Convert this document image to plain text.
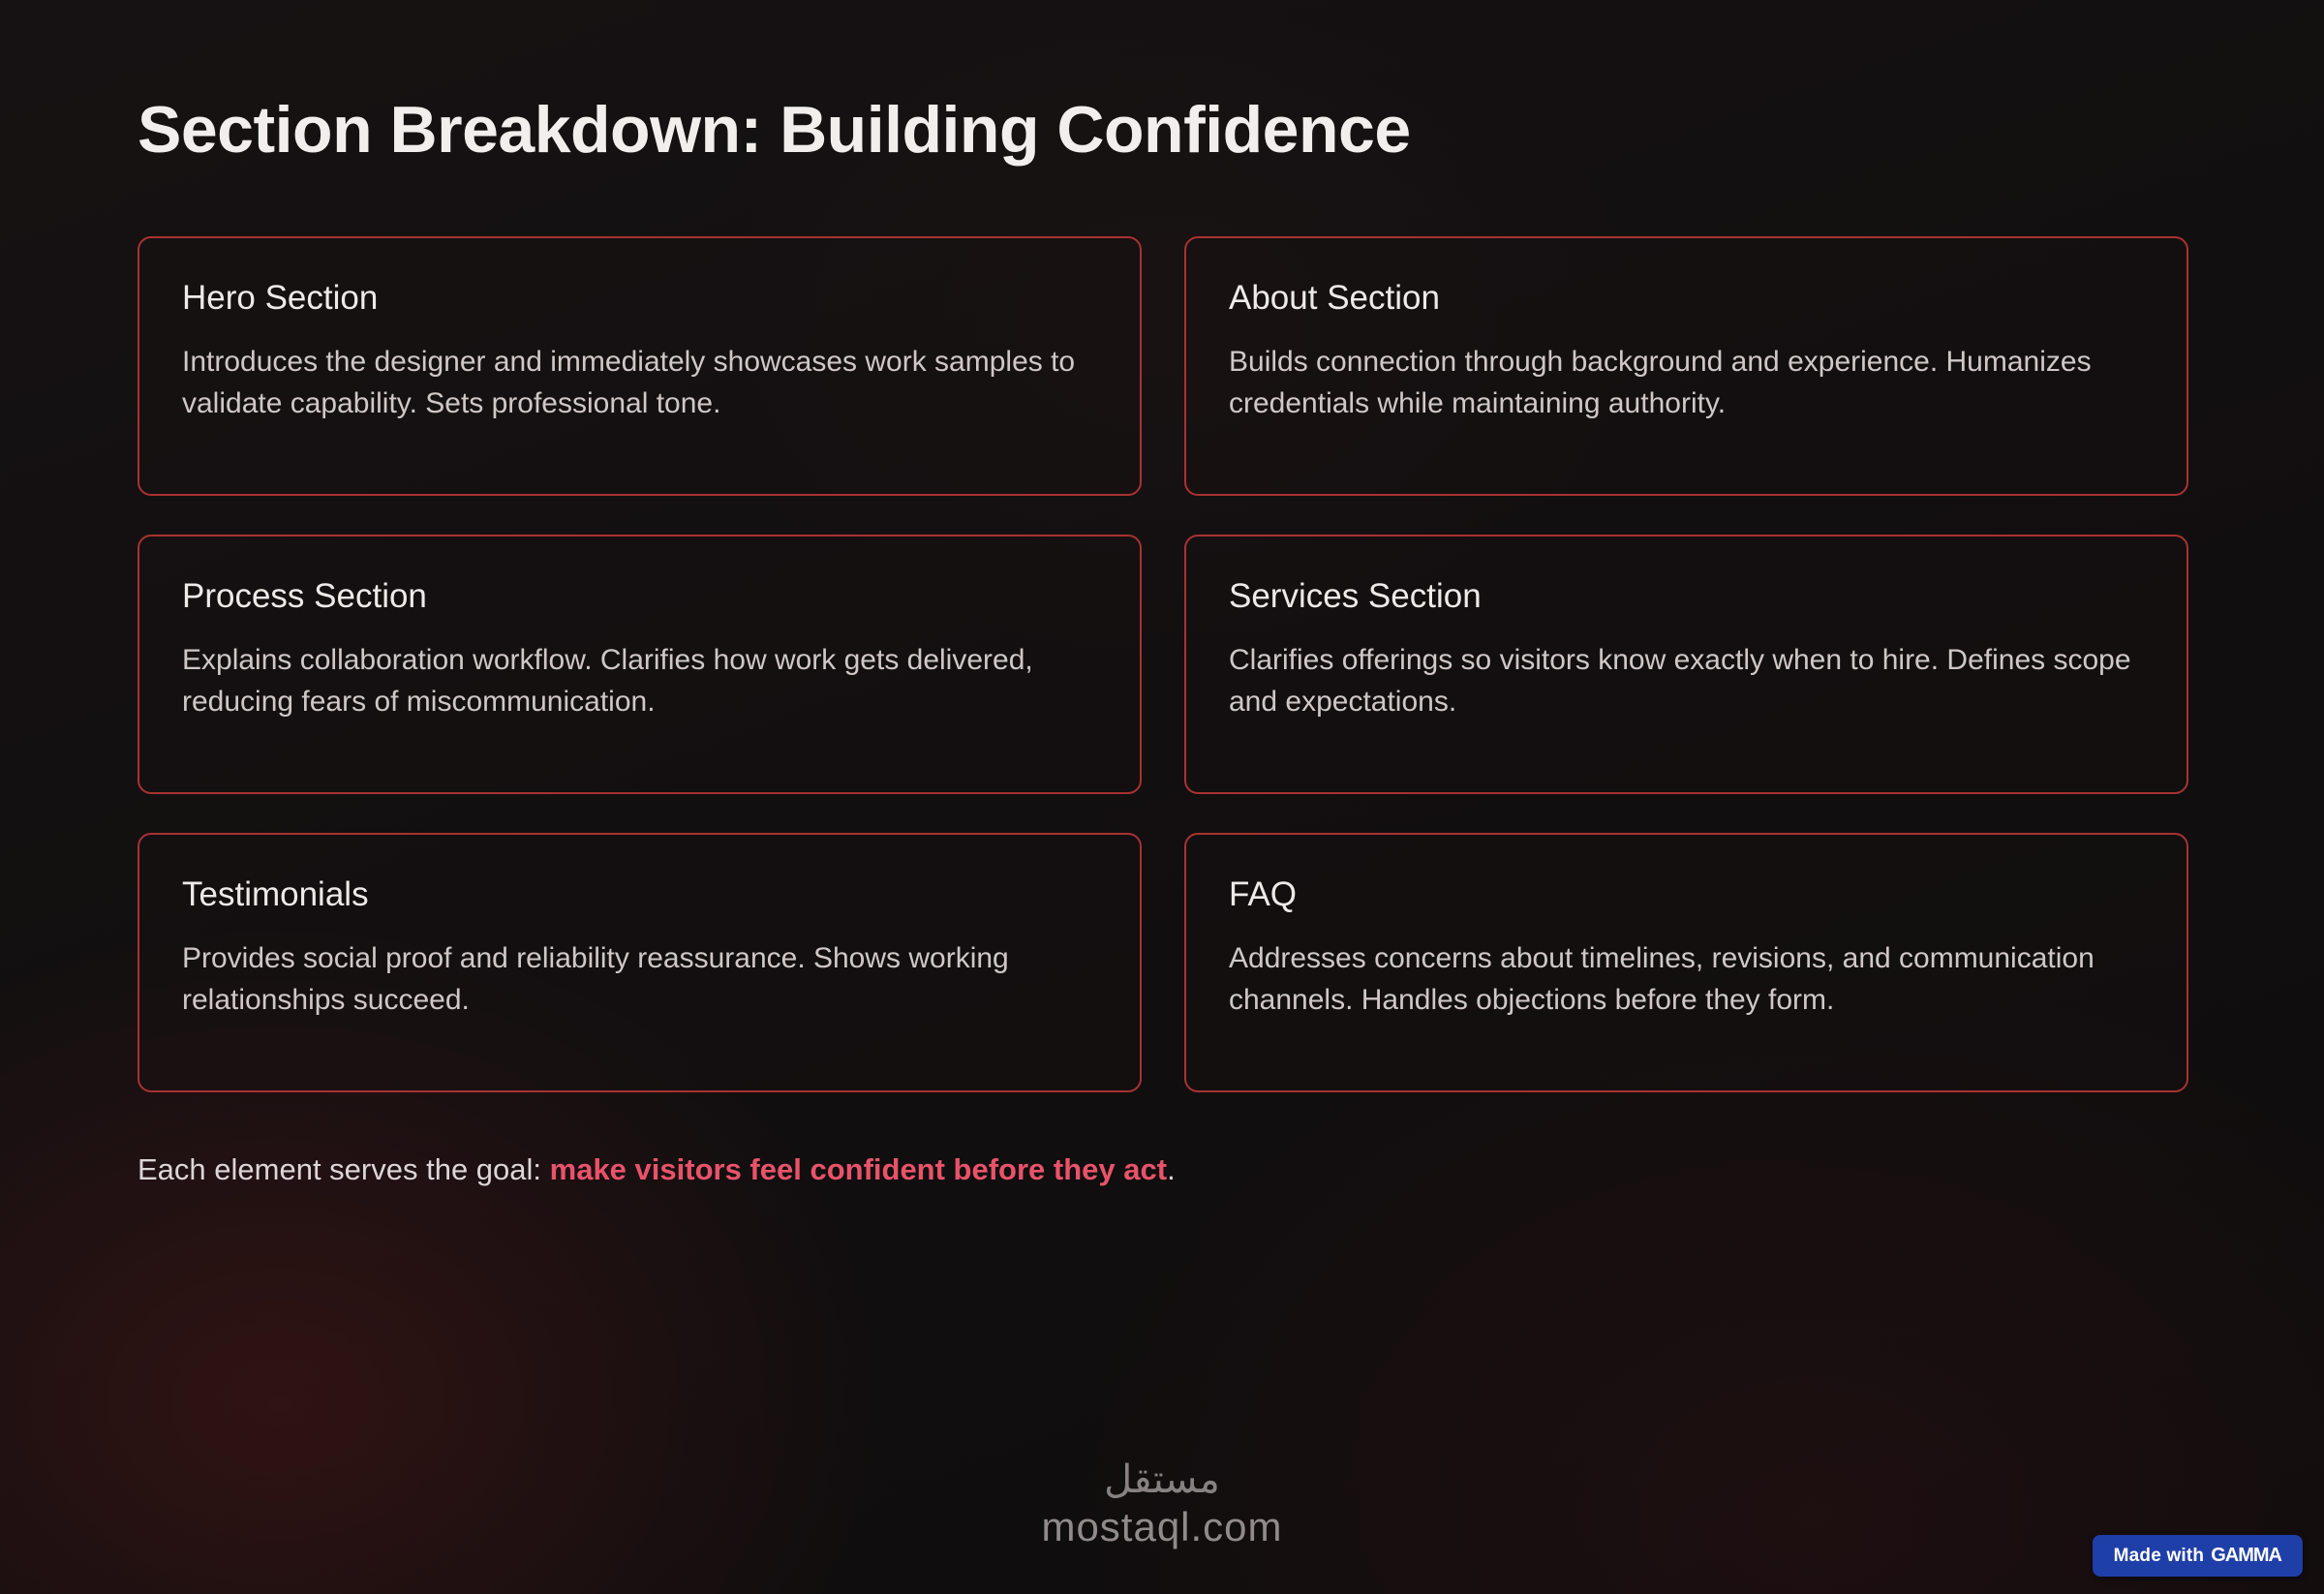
Section Breakdown: Building Confidence
Hero Section

Introduces the designer and immediately showcases work samples to validate capability. Sets professional tone.

About Section

Builds connection through background and experience. Humanizes credentials while maintaining authority.

Process Section

Explains collaboration workflow. Clarifies how work gets delivered, reducing fears of miscommunication.

Services Section

Clarifies offerings so visitors know exactly when to hire. Defines scope and expectations.

Testimonials

Provides social proof and reliability reassurance. Shows working relationships succeed.

FAQ

Addresses concerns about timelines, revisions, and communication channels. Handles objections before they form.

Each element serves the goal: make visitors feel confident before they act.
مستقل
mostaql.com
Made with GAMMA
